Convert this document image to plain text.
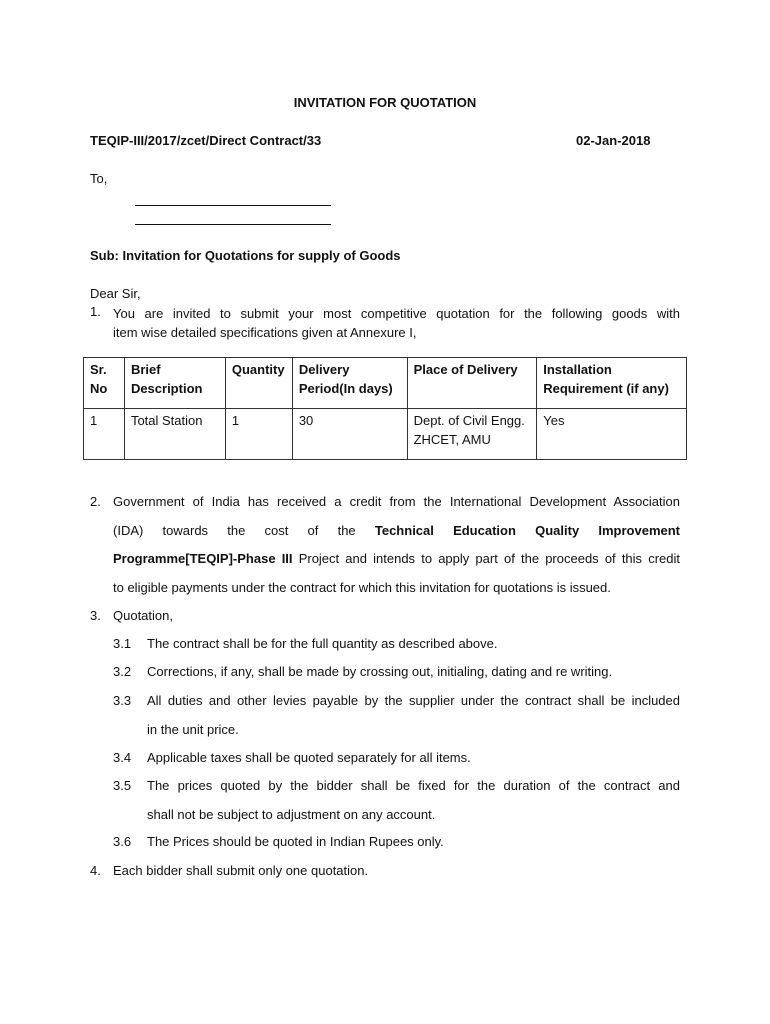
INVITATION FOR QUOTATION
TEQIP-III/2017/zcet/Direct Contract/33	02-Jan-2018
To,
Sub: Invitation for Quotations for supply of Goods
Dear Sir,
1. You are invited to submit your most competitive quotation for the following goods with
item wise detailed specifications given at Annexure I,
Sr. No	Brief Description	Quantity	Delivery Period(In days)	Place of Delivery	Installation Requirement (if any)
1	Total Station	1	30	Dept. of Civil Engg. ZHCET, AMU	Yes
2. Government of India has received a credit from the International Development Association
(IDA) towards the cost of the Technical Education Quality Improvement
Programme[TEQIP]-Phase III Project and intends to apply part of the proceeds of this credit
to eligible payments under the contract for which this invitation for quotations is issued.
3. Quotation,
3.1 The contract shall be for the full quantity as described above.
3.2 Corrections, if any, shall be made by crossing out, initialing, dating and re writing.
3.3 All duties and other levies payable by the supplier under the contract shall be included
in the unit price.
3.4 Applicable taxes shall be quoted separately for all items.
3.5 The prices quoted by the bidder shall be fixed for the duration of the contract and
shall not be subject to adjustment on any account.
3.6 The Prices should be quoted in Indian Rupees only.
4. Each bidder shall submit only one quotation.
